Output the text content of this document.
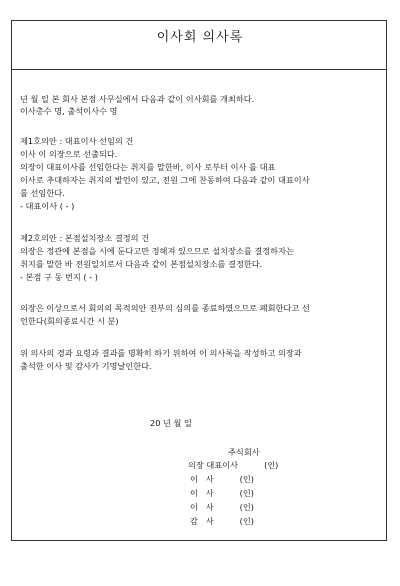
이사회 의사록
년 월 일 본 회사 본점 사무실에서 다음과 같이 이사회를 개최하다.
이사총수 명, 출석이사수 명
제1호의안 : 대표이사 선임의 건
이사 이 의장으로 선출되다.
의장이 대표이사를 선임한다는 취지를 말한바, 이사 로부터 이사 를 대표
이사로 추대하자는 취지의 발언이 있고, 전원 그에 찬동하여 다음과 같이 대표이사
를 선임한다.
- 대표이사 ( - )
제2호의안 : 본점설치장소 결정의 건
의장은 정관에 본점을 시에 둔다고만 정해져 있으므로 설치장소를 결정하자는
취지를 말한 바 전원일치로서 다음과 같이 본점설치장소를 결정한다.
- 본점 구 동 번지 ( - )
의장은 이상으로서 회의의 목적의안 전부의 심의를 종료하였으므로 폐회한다고 선
언한다(회의종료시간 시 분)
위 의사의 경과 요령과 결과를 명확히 하기 위하여 이 의사록을 작성하고 의장과
출석한 이사 및 감사가 기명날인한다.
20 년 월 일
주식회사
의장 대표이사          (인)
이   사          (인)
이   사          (인)
이   사          (인)
감   사          (인)
